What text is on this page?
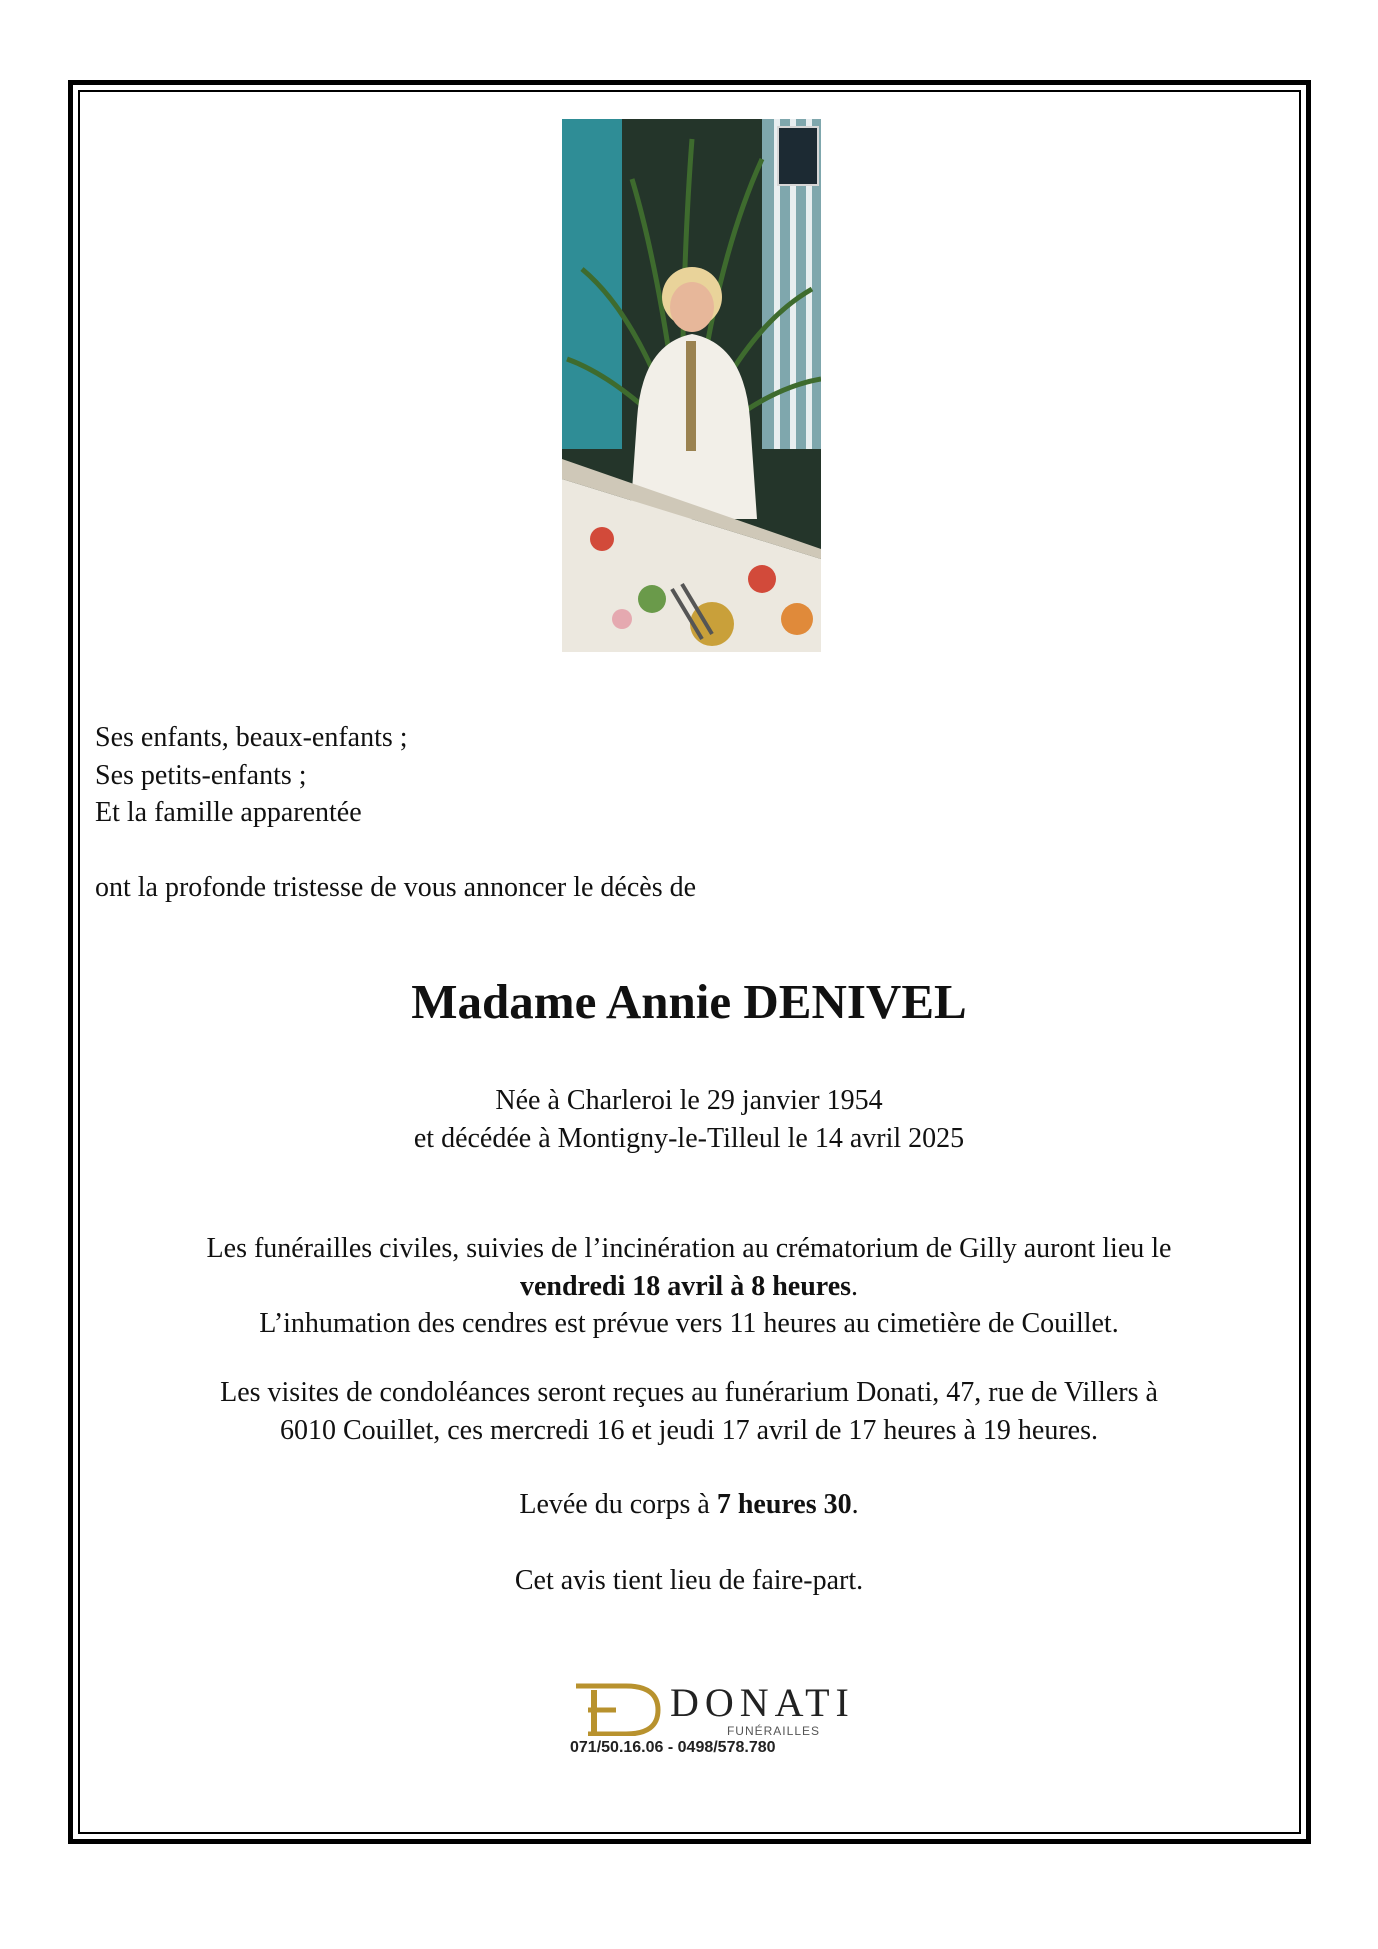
Ses enfants, beaux-enfants ;
Ses petits-enfants ;
Et la famille apparentée
ont la profonde tristesse de vous annoncer le décès de
Madame Annie DENIVEL
Née à Charleroi le 29 janvier 1954
et décédée à Montigny-le-Tilleul le 14 avril 2025
Les funérailles civiles, suivies de l’incinération au crématorium de Gilly auront lieu le
vendredi 18 avril à 8 heures.
L’inhumation des cendres est prévue vers 11 heures au cimetière de Couillet.
Les visites de condoléances seront reçues au funérarium Donati, 47, rue de Villers à
6010 Couillet, ces mercredi 16 et jeudi 17 avril de 17 heures à 19 heures.
Levée du corps à 7 heures 30.
Cet avis tient lieu de faire-part.
DONATI
FUNÉRAILLES
071/50.16.06 - 0498/578.780
